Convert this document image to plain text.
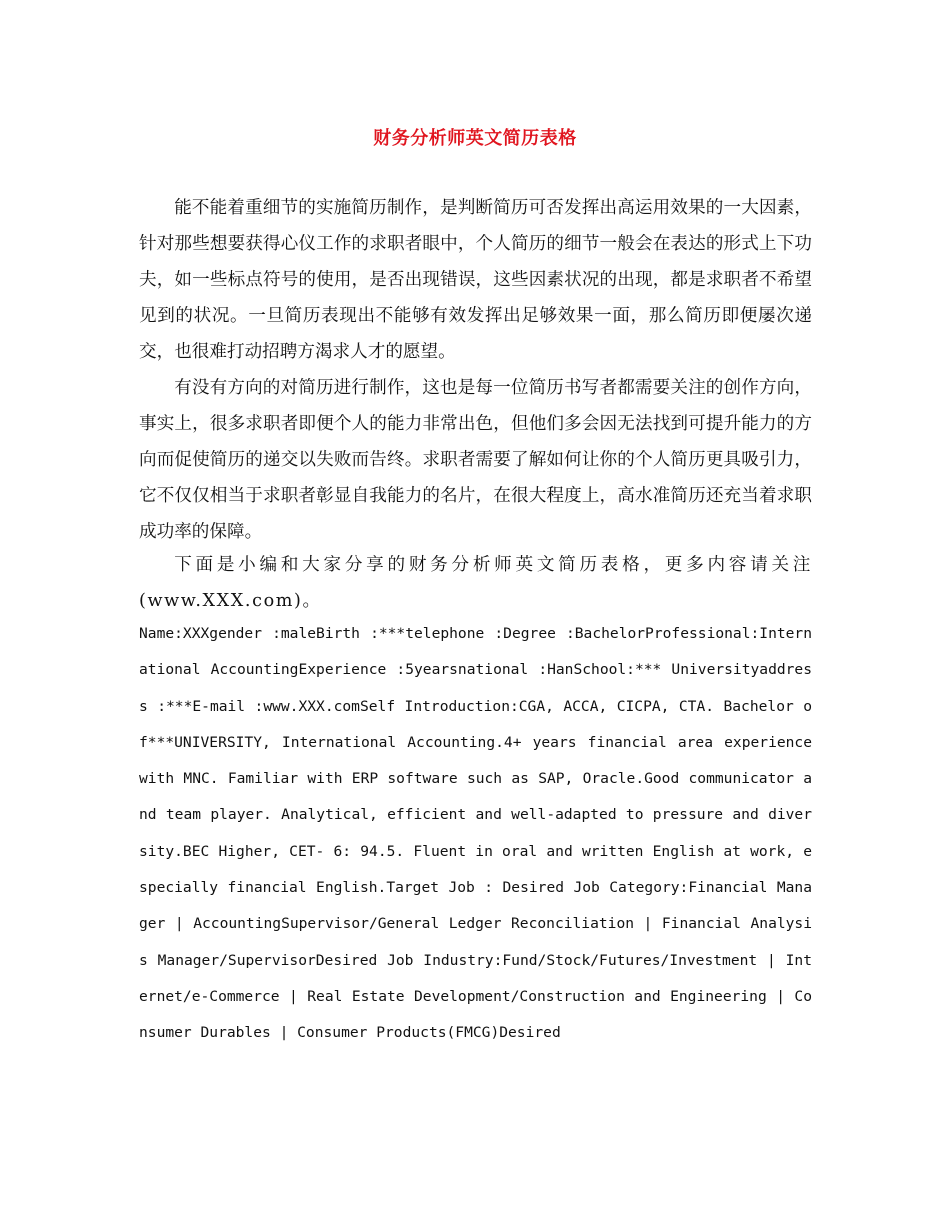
财务分析师英文简历表格

能不能着重细节的实施简历制作，是判断简历可否发挥出高运用效果的一大因素，针对那些想要获得心仪工作的求职者眼中，个人简历的细节一般会在表达的形式上下功夫，如一些标点符号的使用，是否出现错误，这些因素状况的出现，都是求职者不希望见到的状况。一旦简历表现出不能够有效发挥出足够效果一面，那么简历即便屡次递交，也很难打动招聘方渴求人才的愿望。

有没有方向的对简历进行制作，这也是每一位简历书写者都需要关注的创作方向，事实上，很多求职者即便个人的能力非常出色，但他们多会因无法找到可提升能力的方向而促使简历的递交以失败而告终。求职者需要了解如何让你的个人简历更具吸引力，它不仅仅相当于求职者彰显自我能力的名片，在很大程度上，高水准简历还充当着求职成功率的保障。

下面是小编和大家分享的财务分析师英文简历表格，更多内容请关注(www.XXX.com)。

Name:XXXgender :maleBirth :***telephone :Degree :BachelorProfessional:International AccountingExperience :5yearsnational :HanSchool:*** Universityaddress :***E-mail :www.XXX.comSelf Introduction:CGA, ACCA, CICPA, CTA. Bachelor of***UNIVERSITY, International Accounting.4+ years financial area experience with MNC. Familiar with ERP software such as SAP, Oracle.Good communicator and team player. Analytical, efficient and well-adapted to pressure and diversity.BEC Higher, CET- 6: 94.5. Fluent in oral and written English at work, especially financial English.Target Job : Desired Job Category:Financial Manager | AccountingSupervisor/General Ledger Reconciliation | Financial Analysis Manager/SupervisorDesired Job Industry:Fund/Stock/Futures/Investment | Internet/e-Commerce | Real Estate Development/Construction and Engineering | Consumer Durables | Consumer Products(FMCG)Desired
